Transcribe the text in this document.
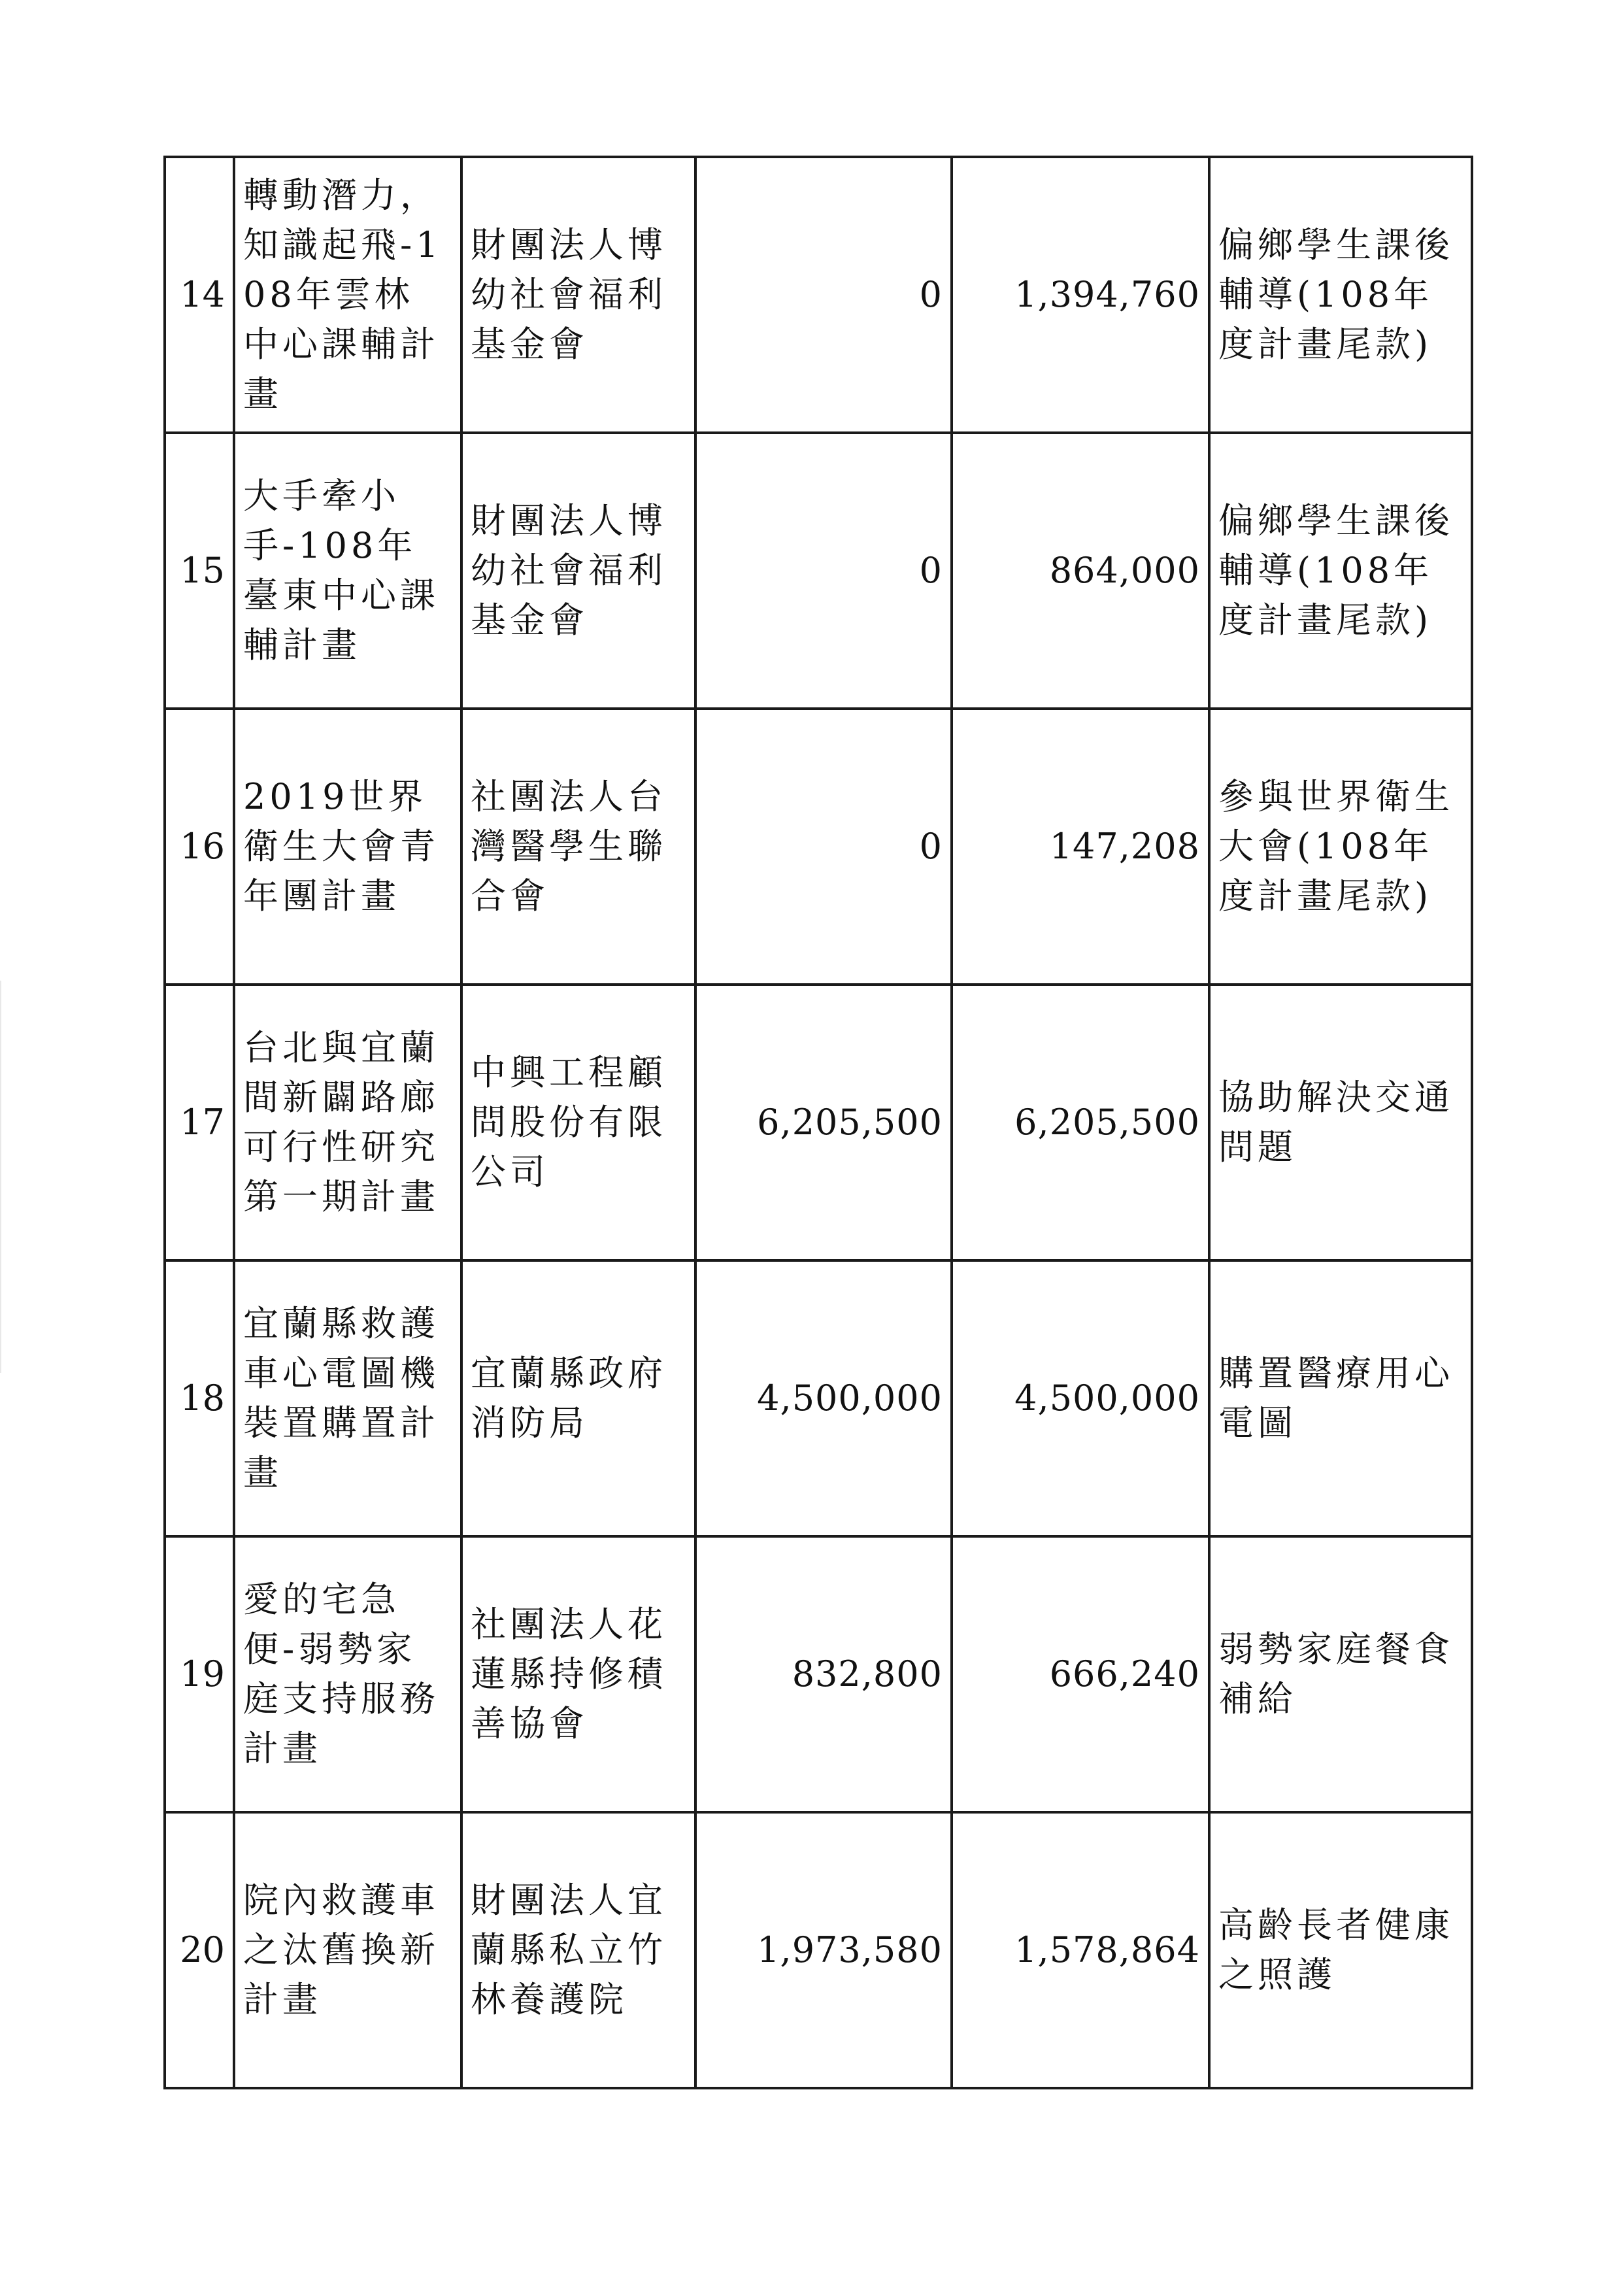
14	轉動潛力，知識起飛-108年雲林中心課輔計畫	財團法人博幼社會福利基金會	0	1,394,760	偏鄉學生課後輔導(108年度計畫尾款)
15	大手牽小手-108年臺東中心課輔計畫	財團法人博幼社會福利基金會	0	864,000	偏鄉學生課後輔導(108年度計畫尾款)
16	2019世界衛生大會青年團計畫	社團法人台灣醫學生聯合會	0	147,208	參與世界衛生大會(108年度計畫尾款)
17	台北與宜蘭間新闢路廊可行性研究第一期計畫	中興工程顧問股份有限公司	6,205,500	6,205,500	協助解決交通問題
18	宜蘭縣救護車心電圖機裝置購置計畫	宜蘭縣政府消防局	4,500,000	4,500,000	購置醫療用心電圖
19	愛的宅急便-弱勢家庭支持服務計畫	社團法人花蓮縣持修積善協會	832,800	666,240	弱勢家庭餐食補給
20	院內救護車之汰舊換新計畫	財團法人宜蘭縣私立竹林養護院	1,973,580	1,578,864	高齡長者健康之照護
